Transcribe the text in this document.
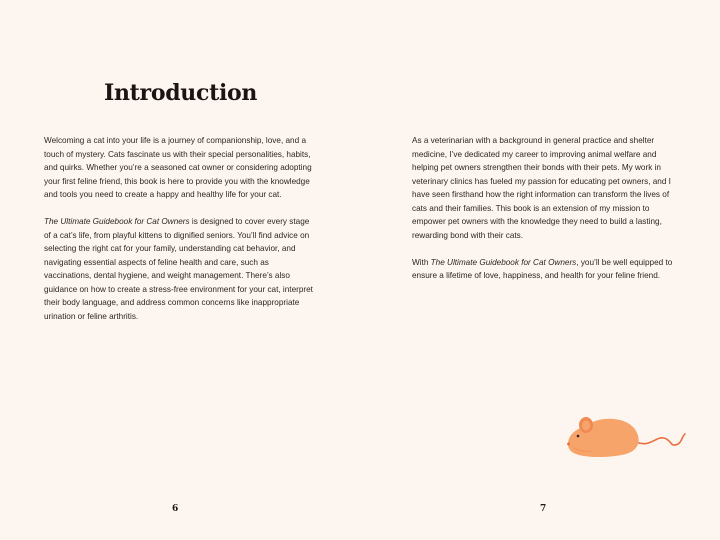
Introduction

Welcoming a cat into your life is a journey of companionship, love, and a touch of mystery. Cats fascinate us with their special personalities, habits, and quirks. Whether you’re a seasoned cat owner or considering adopting your first feline friend, this book is here to provide you with the knowledge and tools you need to create a happy and healthy life for your cat.

The Ultimate Guidebook for Cat Owners is designed to cover every stage of a cat’s life, from playful kittens to dignified seniors. You’ll find advice on selecting the right cat for your family, understanding cat behavior, and navigating essential aspects of feline health and care, such as vaccinations, dental hygiene, and weight management. There’s also guidance on how to create a stress-free environment for your cat, interpret their body language, and address common concerns like inappropriate urination or feline arthritis.

6

As a veterinarian with a background in general practice and shelter medicine, I’ve dedicated my career to improving animal welfare and helping pet owners strengthen their bonds with their pets. My work in veterinary clinics has fueled my passion for educating pet owners, and I have seen firsthand how the right information can transform the lives of cats and their families. This book is an extension of my mission to empower pet owners with the knowledge they need to build a lasting, rewarding bond with their cats.

With The Ultimate Guidebook for Cat Owners, you’ll be well equipped to ensure a lifetime of love, happiness, and health for your feline friend.

7
